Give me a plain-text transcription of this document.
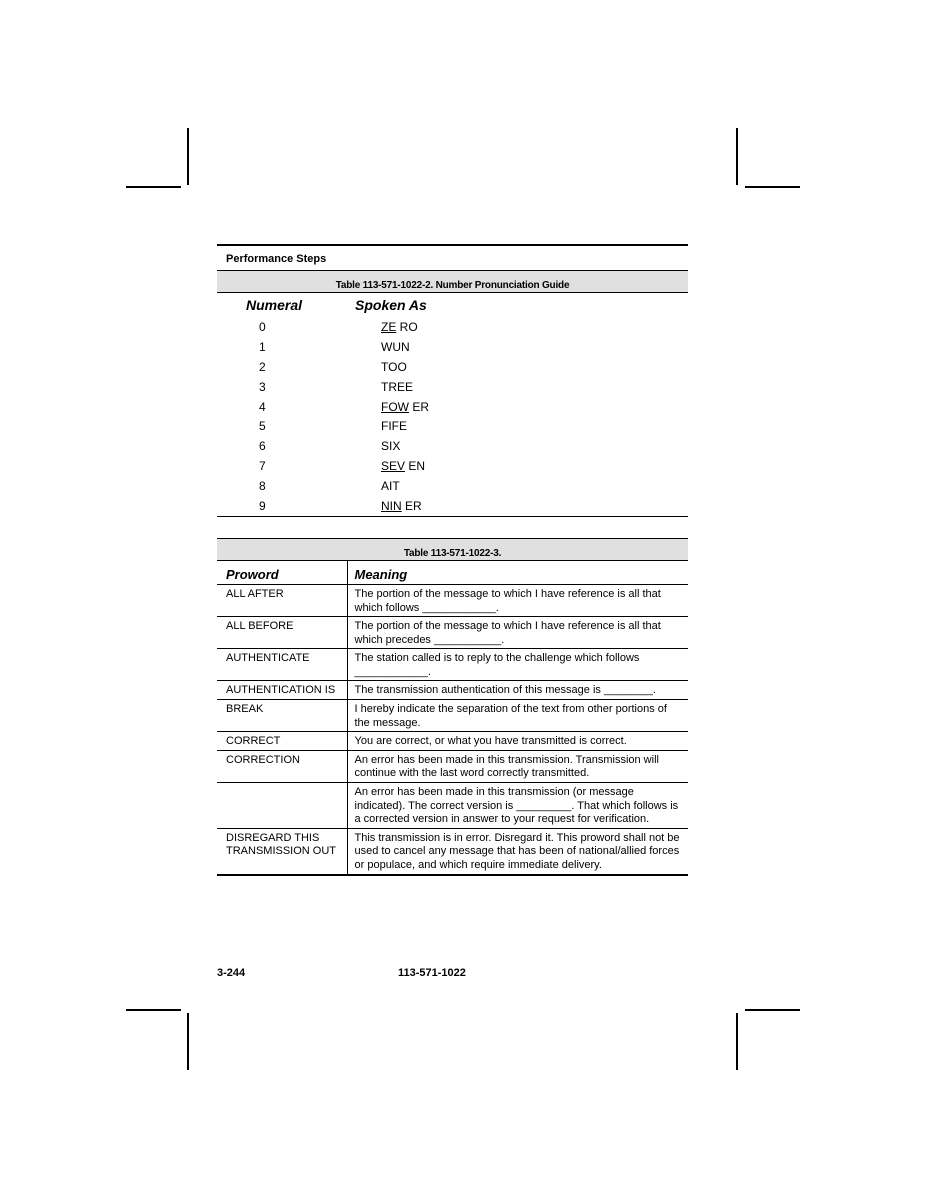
Performance Steps
Table 113-571-1022-2. Number Pronunciation Guide
Numeral	Spoken As
0	ZE RO
1	WUN
2	TOO
3	TREE
4	FOW ER
5	FIFE
6	SIX
7	SEV EN
8	AIT
9	NIN ER
Table 113-571-1022-3.
Proword	Meaning
ALL AFTER	The portion of the message to which I have reference is all that which follows ____________.
ALL BEFORE	The portion of the message to which I have reference is all that which precedes ___________.
AUTHENTICATE	The station called is to reply to the challenge which follows ____________.
AUTHENTICATION IS	The transmission authentication of this message is ________.
BREAK	I hereby indicate the separation of the text from other portions of the message.
CORRECT	You are correct, or what you have transmitted is correct.
CORRECTION	An error has been made in this transmission. Transmission will continue with the last word correctly transmitted.
	An error has been made in this transmission (or message indicated). The correct version is _________. That which follows is a corrected version in answer to your request for verification.
DISREGARD THIS TRANSMISSION OUT	This transmission is in error. Disregard it. This proword shall not be used to cancel any message that has been of national/allied forces or populace, and which require immediate delivery.
3-244	113-571-1022
